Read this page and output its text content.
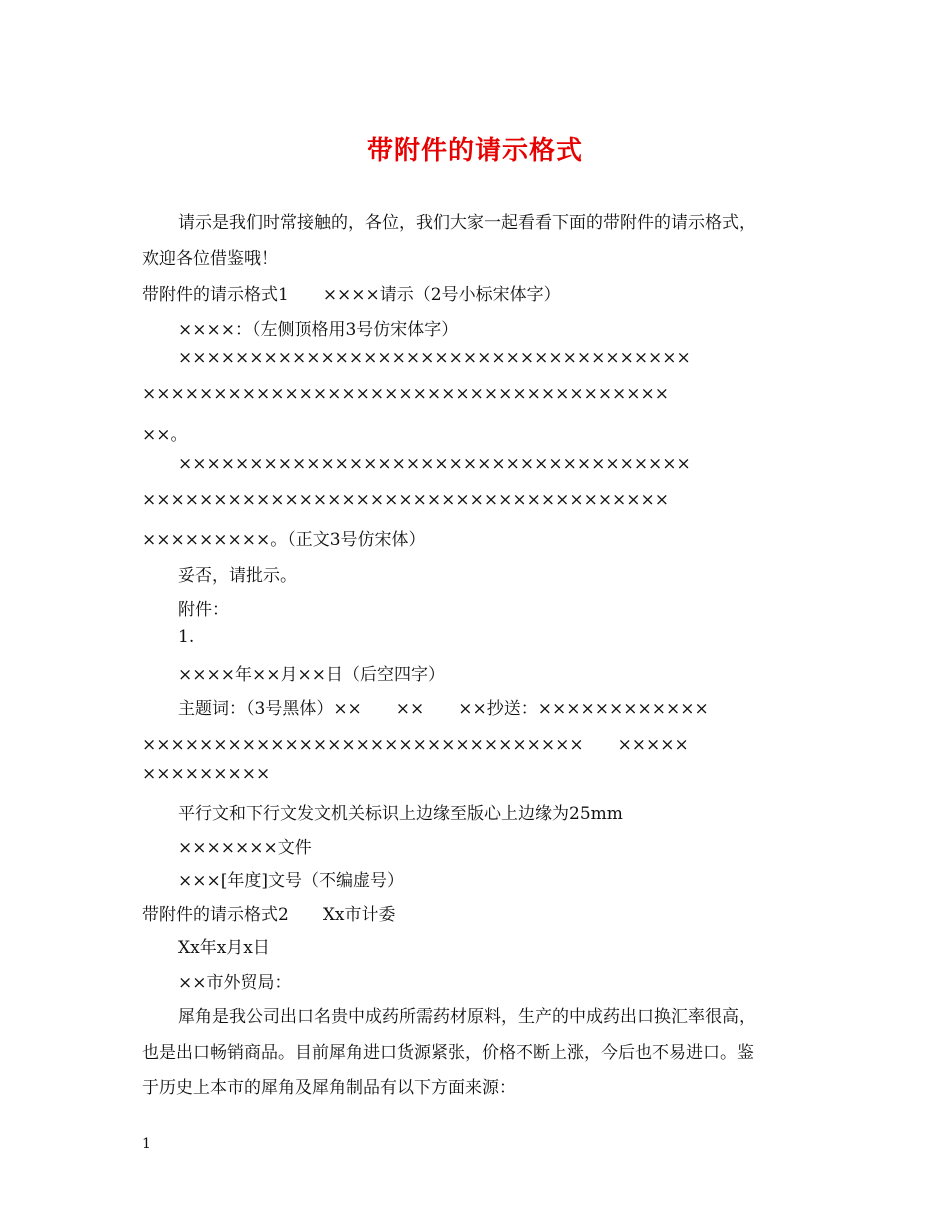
带附件的请示格式
请示是我们时常接触的，各位，我们大家一起看看下面的带附件的请示格式，
欢迎各位借鉴哦！
带附件的请示格式1　　××××请示（2号小标宋体字）
××××：（左侧顶格用3号仿宋体字）
××××××××××××××××××××××××××××××××××××
×××××××××××××××××××××××××××××××××××××
××。
××××××××××××××××××××××××××××××××××××
×××××××××××××××××××××××××××××××××××××
×××××××××。（正文3号仿宋体）
妥否，请批示。
附件：
1.
××××年××月××日（后空四字）
主题词：（3号黑体）××　　××　　××抄送：××××××××××××
×××××××××××××××××××××××××××××××　　×××××
×××××××××
平行文和下行文发文机关标识上边缘至版心上边缘为25mm
×××××××文件
×××[年度]文号（不编虚号）
带附件的请示格式2　　Xx市计委
Xx年x月x日
××市外贸局：
犀角是我公司出口名贵中成药所需药材原料，生产的中成药出口换汇率很高，
也是出口畅销商品。目前犀角进口货源紧张，价格不断上涨，今后也不易进口。鉴
于历史上本市的犀角及犀角制品有以下方面来源：
1
